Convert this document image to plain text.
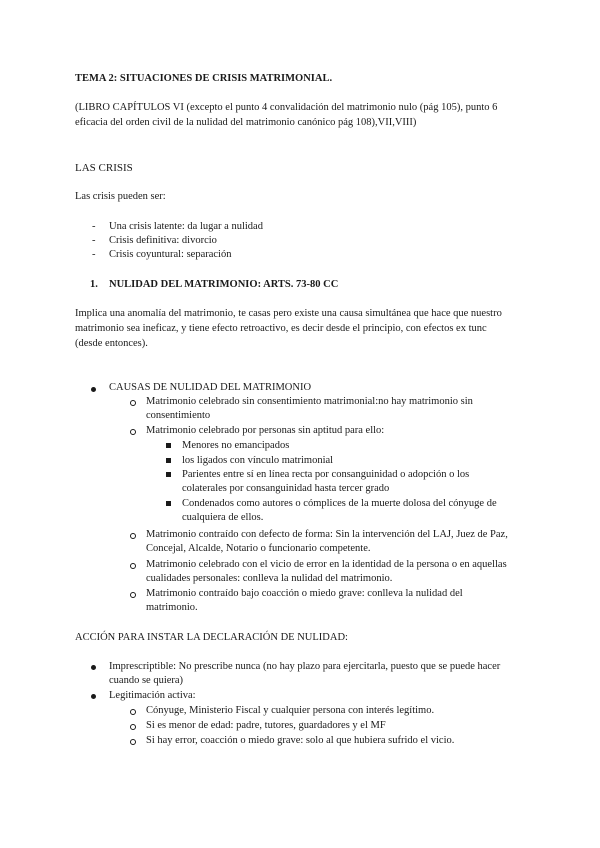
TEMA 2: SITUACIONES DE CRISIS MATRIMONIAL.
(LIBRO CAPÍTULOS VI (excepto el punto 4 convalidación del matrimonio nulo (pág 105), punto 6
eficacia del orden civil de la nulidad del matrimonio canónico pág 108),VII,VIII)
LAS CRISIS
Las crisis pueden ser:
- Una crisis latente: da lugar a nulidad
- Crisis definitiva: divorcio
- Crisis coyuntural: separación
1. NULIDAD DEL MATRIMONIO: ARTS. 73-80 CC
Implica una anomalía del matrimonio, te casas pero existe una causa simultánea que hace que nuestro
matrimonio sea ineficaz, y tiene efecto retroactivo, es decir desde el principio, con efectos ex tunc
(desde entonces).
CAUSAS DE NULIDAD DEL MATRIMONIO
Matrimonio celebrado sin consentimiento matrimonial:no hay matrimonio sin
consentimiento
Matrimonio celebrado por personas sin aptitud para ello:
Menores no emancipados
los ligados con vínculo matrimonial
Parientes entre sí en línea recta por consanguinidad o adopción o los
colaterales por consanguinidad hasta tercer grado
Condenados como autores o cómplices de la muerte dolosa del cónyuge de
cualquiera de ellos.
Matrimonio contraído con defecto de forma: Sin la intervención del LAJ, Juez de Paz,
Concejal, Alcalde, Notario o funcionario competente.
Matrimonio celebrado con el vicio de error en la identidad de la persona o en aquellas
cualidades personales: conlleva la nulidad del matrimonio.
Matrimonio contraído bajo coacción o miedo grave: conlleva la nulidad del
matrimonio.
ACCIÓN PARA INSTAR LA DECLARACIÓN DE NULIDAD:
Imprescriptible: No prescribe nunca (no hay plazo para ejercitarla, puesto que se puede hacer
cuando se quiera)
Legitimación activa:
Cónyuge, Ministerio Fiscal y cualquier persona con interés legítimo.
Si es menor de edad: padre, tutores, guardadores y el MF
Si hay error, coacción o miedo grave: solo al que hubiera sufrido el vicio.
